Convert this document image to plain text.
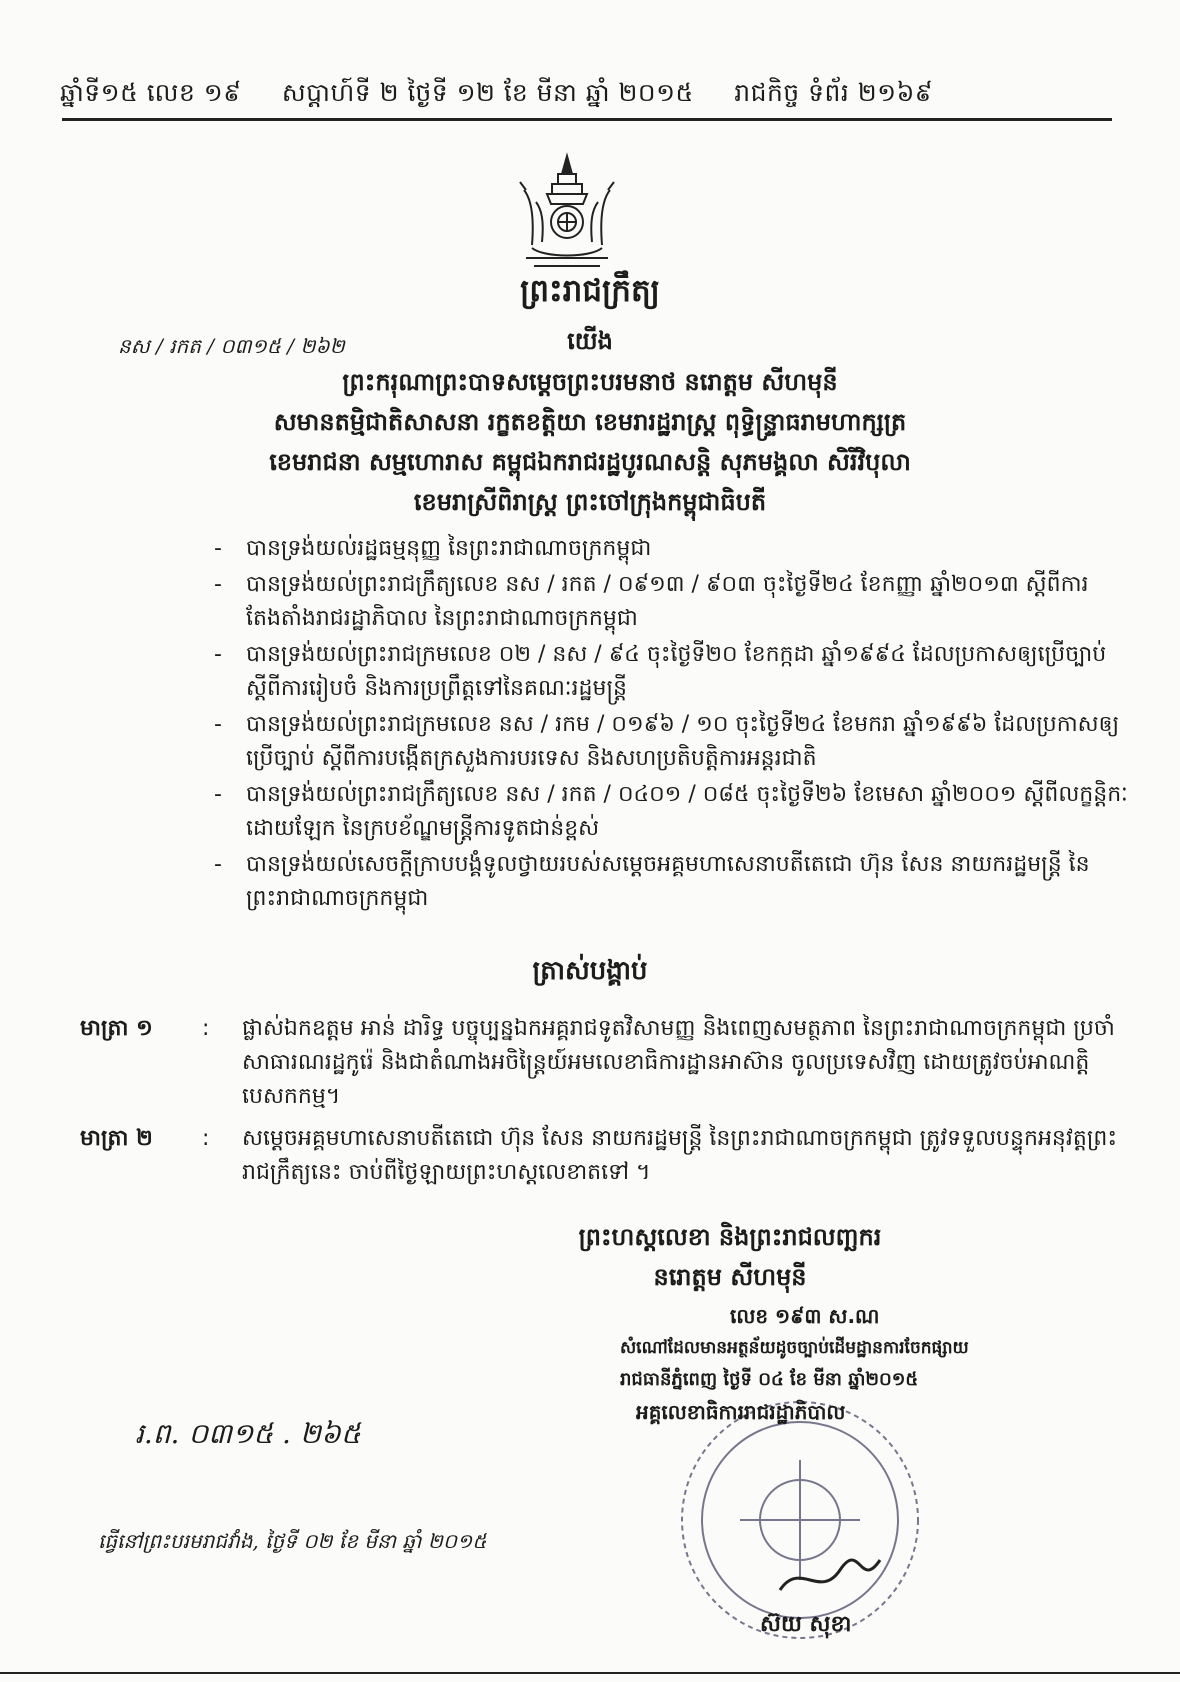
ឆ្នាំទី១៥ លេខ ១៩ សប្តាហ៍ទី ២ ថ្ងៃទី ១២ ខែ មីនា ឆ្នាំ ២០១៥ រាជកិច្ច ទំព័រ ២១៦៩
ព្រះរាជក្រឹត្យ
នស / រកត / ០៣១៥ / ២៦២	យើង
ព្រះករុណាព្រះបាទសម្តេចព្រះបរមនាថ នរោត្តម សីហមុនី
សមានតម្មិជាតិសាសនា រក្ខតខត្តិយា ខេមរារដ្ឋរាស្ត្រ ពុទ្ធិន្ទ្រាធរាមហាក្សត្រ
ខេមរាជនា សម្មហោរាស គម្ពុជឯករាជរដ្ឋបូរណសន្តិ សុភមង្គលា សិរីវិបុលា
ខេមរាស្រីពិរាស្ត្រ ព្រះចៅក្រុងកម្ពុជាធិបតី
- បានទ្រង់យល់រដ្ឋធម្មនុញ្ញ នៃព្រះរាជាណាចក្រកម្ពុជា
- បានទ្រង់យល់ព្រះរាជក្រឹត្យលេខ នស / រកត / ០៩១៣ / ៩០៣ ចុះថ្ងៃទី២៤ ខែកញ្ញា ឆ្នាំ២០១៣ ស្តីពីការតែងតាំងរាជរដ្ឋាភិបាល នៃព្រះរាជាណាចក្រកម្ពុជា
- បានទ្រង់យល់ព្រះរាជក្រមលេខ ០២ / នស / ៩៤ ចុះថ្ងៃទី២០ ខែកក្កដា ឆ្នាំ១៩៩៤ ដែលប្រកាសឲ្យប្រើច្បាប់ ស្តីពីការរៀបចំ និងការប្រព្រឹត្តទៅនៃគណៈរដ្ឋមន្ត្រី
- បានទ្រង់យល់ព្រះរាជក្រមលេខ នស / រកម / ០១៩៦ / ១០ ចុះថ្ងៃទី២៤ ខែមករា ឆ្នាំ១៩៩៦ ដែលប្រកាសឲ្យប្រើច្បាប់ ស្តីពីការបង្កើតក្រសួងការបរទេស និងសហប្រតិបត្តិការអន្តរជាតិ
- បានទ្រង់យល់ព្រះរាជក្រឹត្យលេខ នស / រកត / ០៤០១ / ០៨៥ ចុះថ្ងៃទី២៦ ខែមេសា ឆ្នាំ២០០១ ស្តីពីលក្ខន្តិកៈដោយឡែក នៃក្របខ័ណ្ឌមន្ត្រីការទូតជាន់ខ្ពស់
- បានទ្រង់យល់សេចក្តីក្រាបបង្គំទូលថ្វាយរបស់សម្តេចអគ្គមហាសេនាបតីតេជោ ហ៊ុន សែន នាយករដ្ឋមន្ត្រី នៃព្រះរាជាណាចក្រកម្ពុជា
ត្រាស់បង្គាប់
មាត្រា ១	: ផ្លាស់ឯកឧត្តម អាន់ ដារិទ្ធ បច្ចុប្បន្នឯកអគ្គរាជទូតវិសាមញ្ញ និងពេញសមត្ថភាព នៃព្រះរាជាណាចក្រកម្ពុជា ប្រចាំសាធារណរដ្ឋកូរ៉េ និងជាតំណាងអចិន្ត្រៃយ៍អមលេខាធិការដ្ឋានអាស៊ាន ចូលប្រទេសវិញ ដោយត្រូវចប់អាណត្តិបេសកកម្ម។
មាត្រា ២	: សម្តេចអគ្គមហាសេនាបតីតេជោ ហ៊ុន សែន នាយករដ្ឋមន្ត្រី នៃព្រះរាជាណាចក្រកម្ពុជា ត្រូវទទួលបន្ទុកអនុវត្តព្រះរាជក្រឹត្យនេះ ចាប់ពីថ្ងៃឡាយព្រះហស្តលេខាតទៅ ។
ព្រះហស្តលេខា និងព្រះរាជលញ្ឆករ
នរោត្តម សីហមុនី
រ.ព. ០៣១៥ . ២៦៥
ធ្វើនៅព្រះបរមរាជវាំង, ថ្ងៃទី ០២ ខែ មីនា ឆ្នាំ ២០១៥
លេខ ១៩៣ ស.ណ
សំណៅដែលមានអត្ថន័យដូចច្បាប់ដើមដ្ឋានការចែកផ្សាយ
រាជធានីភ្នំពេញ ថ្ងៃទី ០៤ ខែ មីនា ឆ្នាំ២០១៥
អគ្គលេខាធិការរាជរដ្ឋាភិបាល
ស៊យ សុខា
